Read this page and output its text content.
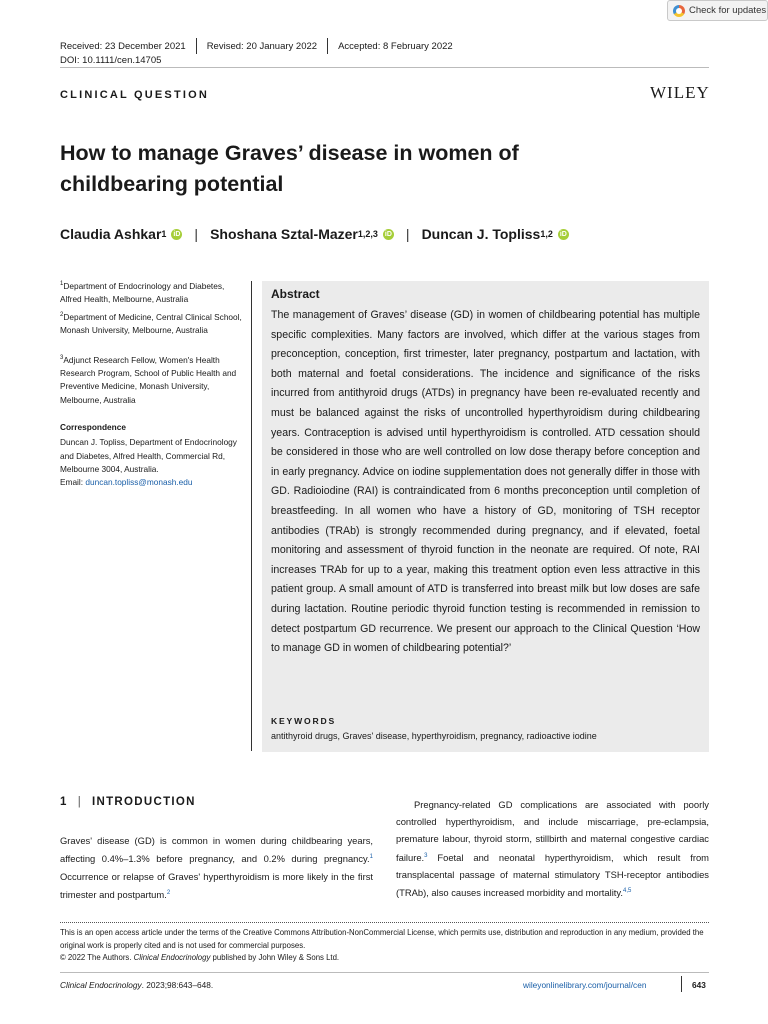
Check for updates
Received: 23 December 2021 Revised: 20 January 2022 Accepted: 8 February 2022
DOI: 10.1111/cen.14705
CLINICAL QUESTION	WILEY
How to manage Graves’ disease in women of childbearing potential
Claudia Ashkar 1 iD | Shoshana Sztal-Mazer 1,2,3 iD | Duncan J. Topliss 1,2 iD
$^1$Department of Endocrinology and Diabetes, Alfred Health, Melbourne, Australia
$^2$Department of Medicine, Central Clinical School, Monash University, Melbourne, Australia
$^3$Adjunct Research Fellow, Women's Health Research Program, School of Public Health and Preventive Medicine, Monash University, Melbourne, Australia
Correspondence
Duncan J. Topliss, Department of Endocrinology and Diabetes, Alfred Health, Commercial Rd, Melbourne 3004, Australia.
Email: duncan.topliss@monash.edu
Abstract
The management of Graves’ disease (GD) in women of childbearing potential has multiple specific complexities. Many factors are involved, which differ at the various stages from preconception, conception, first trimester, later pregnancy, postpartum and lactation, with both maternal and foetal considerations. The incidence and significance of the risks incurred from antithyroid drugs (ATDs) in pregnancy have been re-evaluated recently and must be balanced against the risks of uncontrolled hyperthyroidism during childbearing years. Contraception is advised until hyperthyroidism is controlled. ATD cessation should be considered in those who are well controlled on low dose therapy before conception and in early pregnancy. Advice on iodine supplementation does not generally differ in those with GD. Radioiodine (RAI) is contraindicated from 6 months preconception until completion of breastfeeding. In all women who have a history of GD, monitoring of TSH receptor antibodies (TRAb) is strongly recommended during pregnancy, and if elevated, foetal monitoring and assessment of thyroid function in the neonate are required. Of note, RAI increases TRAb for up to a year, making this treatment option even less attractive in this patient group. A small amount of ATD is transferred into breast milk but low doses are safe during lactation. Routine periodic thyroid function testing is recommended in remission to detect postpartum GD recurrence. We present our approach to the Clinical Question ‘How to manage GD in women of childbearing potential?’
KEYWORDS
antithyroid drugs, Graves' disease, hyperthyroidism, pregnancy, radioactive iodine
1 | INTRODUCTION
Graves' disease (GD) is common in women during childbearing years, affecting 0.4%–1.3% before pregnancy, and 0.2% during pregnancy.$^1$ Occurrence or relapse of Graves' hyperthyroidism is more likely in the first trimester and postpartum.$^2$
Pregnancy-related GD complications are associated with poorly controlled hyperthyroidism, and include miscarriage, pre-eclampsia, premature labour, thyroid storm, stillbirth and maternal congestive cardiac failure.$^3$ Foetal and neonatal hyperthyroidism, which result from transplacental passage of maternal stimulatory TSH-receptor antibodies (TRAb), also causes increased morbidity and mortality.$^{4,5}$
This is an open access article under the terms of the Creative Commons Attribution-NonCommercial License, which permits use, distribution and reproduction in any medium, provided the original work is properly cited and is not used for commercial purposes.
© 2022 The Authors. Clinical Endocrinology published by John Wiley & Sons Ltd.
Clinical Endocrinology. 2023;98:643–648.	wileyonlinelibrary.com/journal/cen	643
